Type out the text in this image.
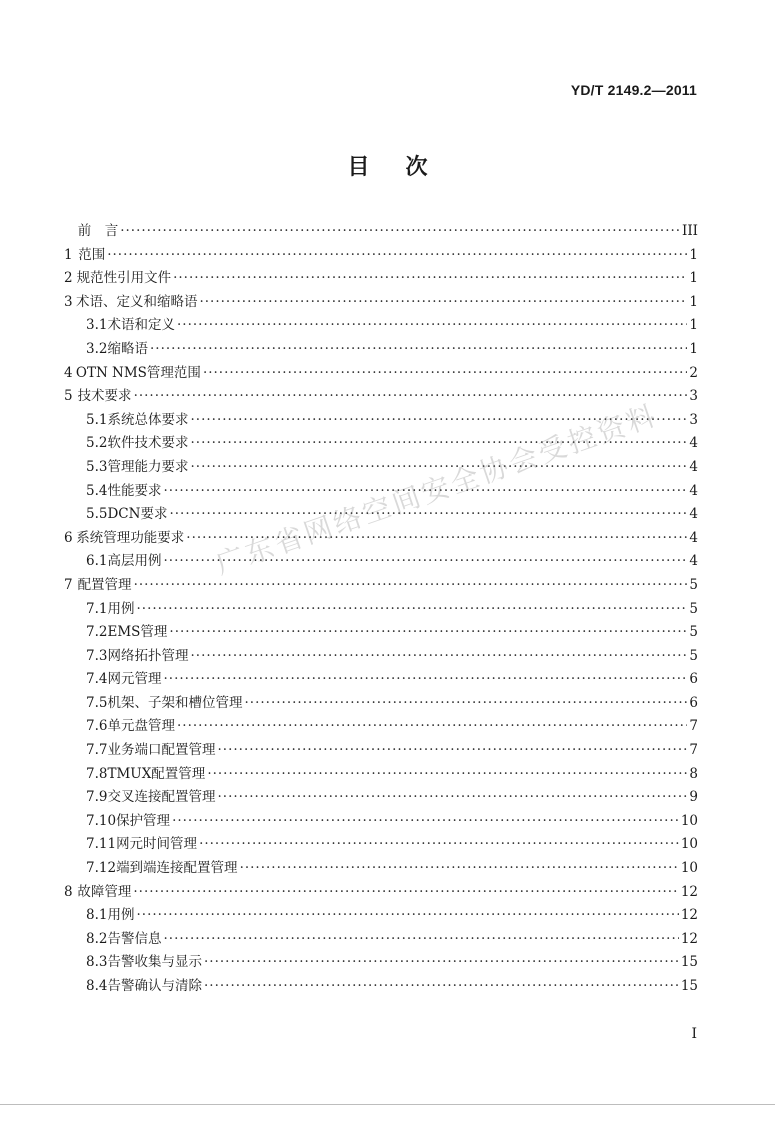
YD/T 2149.2—2011
目 次
前　言 ·····	III
1 范围 ·····	1
2 规范性引用文件 ·····	1
3 术语、定义和缩略语 ·····	1
3.1 术语和定义 ·····	1
3.2 缩略语 ·····	1
4 OTN NMS管理范围 ·····	2
5 技术要求 ·····	3
5.1 系统总体要求 ·····	3
5.2 软件技术要求 ·····	4
5.3 管理能力要求 ·····	4
5.4 性能要求 ·····	4
5.5 DCN要求 ·····	4
6 系统管理功能要求 ·····	4
6.1 高层用例 ·····	4
7 配置管理 ·····	5
7.1 用例 ·····	5
7.2 EMS管理 ·····	5
7.3 网络拓扑管理 ·····	5
7.4 网元管理 ·····	6
7.5 机架、子架和槽位管理 ·····	6
7.6 单元盘管理 ·····	7
7.7 业务端口配置管理 ·····	7
7.8 TMUX配置管理 ·····	8
7.9 交叉连接配置管理 ·····	9
7.10 保护管理 ·····	10
7.11 网元时间管理 ·····	10
7.12 端到端连接配置管理 ·····	10
8 故障管理 ·····	12
8.1 用例 ·····	12
8.2 告警信息 ·····	12
8.3 告警收集与显示 ·····	15
8.4 告警确认与清除 ·····	15
广东省网络空间安全协会受控资料
I
